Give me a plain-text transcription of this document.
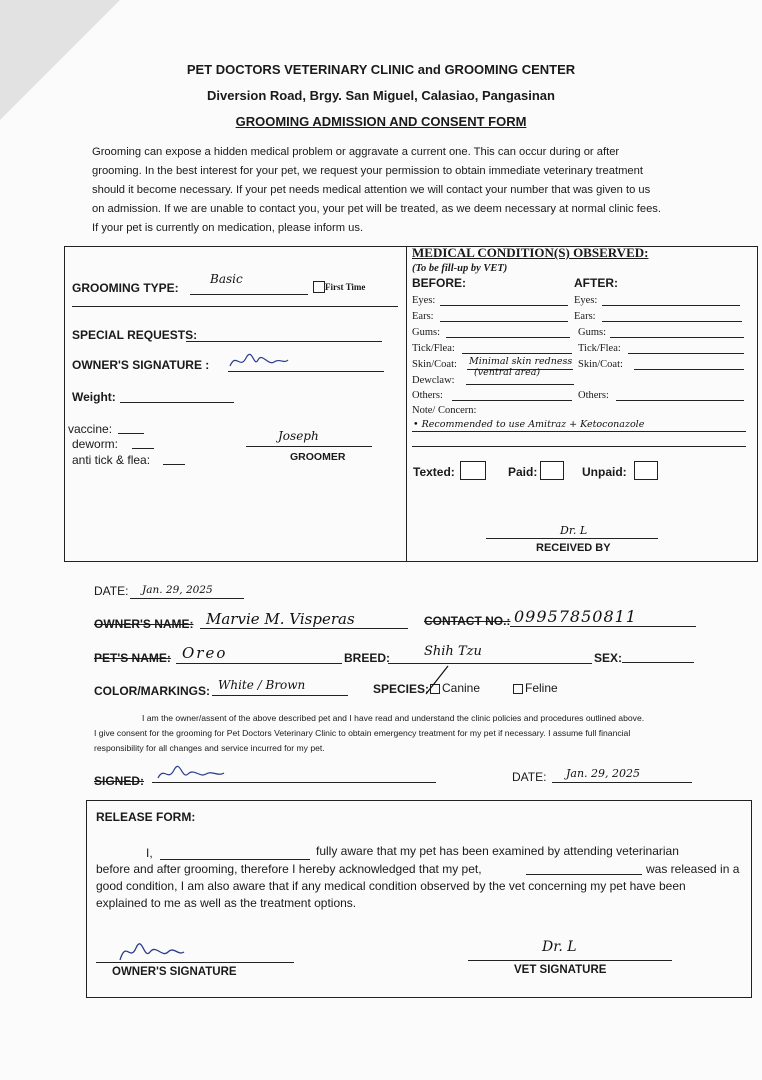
PET DOCTORS VETERINARY CLINIC and GROOMING CENTER
Diversion Road, Brgy. San Miguel, Calasiao, Pangasinan
GROOMING ADMISSION AND CONSENT FORM
Grooming can expose a hidden medical problem or aggravate a current one. This can occur during or after
grooming. In the best interest for your pet, we request your permission to obtain immediate veterinary treatment
should it become necessary. If your pet needs medical attention we will contact your number that was given to us
on admission. If we are unable to contact you, your pet will be treated, as we deem necessary at normal clinic fees.
If your pet is currently on medication, please inform us.
GROOMING TYPE:
Basic
First Time
SPECIAL REQUESTS:
OWNER'S SIGNATURE :
Weight:
vaccine:
deworm:
anti tick & flea:
Joseph
GROOMER
MEDICAL CONDITION(S) OBSERVED:
(To be fill-up by VET)
BEFORE:	AFTER:
Eyes:	Eyes:
Ears:	Ears:
Gums:	Gums:
Tick/Flea:	Tick/Flea:
Skin/Coat: Minimal skin redness Skin/Coat:
(ventral area)
Dewclaw:
Others:	Others:
Note/ Concern:
• Recommended to use Amitraz + Ketoconazole
Texted:	Paid:	Unpaid:
Dr. L
RECEIVED BY
DATE: Jan. 29, 2025
OWNER'S NAME: Marvie M. Visperas	CONTACT NO.: 09957850811
PET'S NAME: Oreo	BREED:	Shih Tzu	SEX:
COLOR/MARKINGS: White / Brown	SPECIES: Canine	Feline
I am the owner/assent of the above described pet and I have read and understand the clinic policies and procedures outlined above.
I give consent for the grooming for Pet Doctors Veterinary Clinic to obtain emergency treatment for my pet if necessary. I assume full financial
responsibility for all changes and service incurred for my pet.
SIGNED:	DATE: Jan. 29, 2025
RELEASE FORM:
I,	fully aware that my pet has been examined by attending veterinarian
before and after grooming, therefore I hereby acknowledged that my pet,	was released in a
good condition, I am also aware that if any medical condition observed by the vet concerning my pet have been
explained to me as well as the treatment options.
OWNER'S SIGNATURE
Dr. L
VET SIGNATURE
